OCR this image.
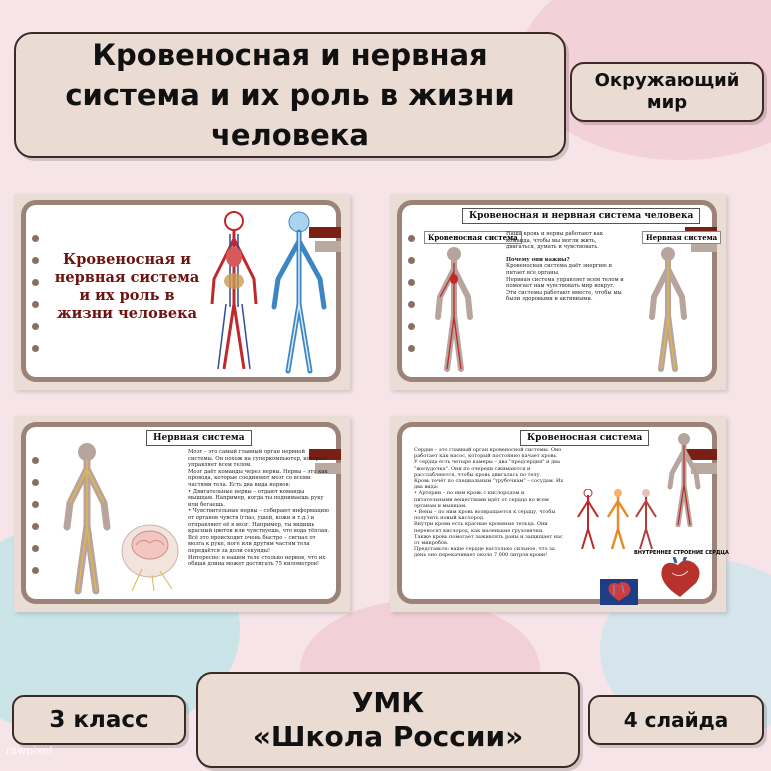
Кровеносная и нервная система и их роль в жизни человека
Окружающий мир
Кровеносная и нервная система и их роль в жизни человека
Кровеносная и нервная система человека
Кровеносная система	Нервная система
Наша кровь и нервы работают как команда, чтобы мы могли жить, двигаться, думать и чувствовать.
Почему они важны?
Кровеносная система даёт энергию и питает все органы.
Нервная система управляет всем телом и помогает нам чувствовать мир вокруг.
Эти системы работают вместе, чтобы мы были здоровыми и активными.
Нервная система
Мозг – это самый главный орган нервной системы. Он похож на суперкомпьютер, который управляет всем телом.
Мозг даёт команды через нервы. Нервы – это как провода, которые соединяют мозг со всеми частями тела. Есть два вида нервов:
• Двигательные нервы – отдают команды мышцам. Например, когда ты поднимаешь руку или бегаешь.
• Чувствительные нервы – собирают информацию от органов чувств (глаз, ушей, кожи и т.д.) и отправляют её в мозг. Например, ты видишь красный цветок или чувствуешь, что вода тёплая.
Всё это происходит очень быстро – сигнал от мозга к руке, ноге или другим частям тела передаётся за доли секунды!
Интересно: в нашем теле столько нервов, что их общая длина может достигать 75 километров!
Кровеносная система
Сердце – это главный орган кровеносной системы. Оно работает как насос, который постоянно качает кровь.
У сердца есть четыре камеры – два "предсердия" и два "желудочка". Они по очереди сжимаются и расслабляются, чтобы кровь двигалась по телу.
Кровь течёт по специальным "трубочкам" – сосудам. Их два вида:
• Артерии – по ним кровь с кислородом и питательными веществами идёт от сердца ко всем органам и мышцам.
• Вены – по ним кровь возвращается к сердцу, чтобы получить новый кислород.
Внутри крови есть красные кровяные тельца. Они переносят кислород, как маленькие грузовички.
Также кровь помогает заживлять раны и защищает нас от микробов.
Представьте: ваше сердце настолько сильное, что за день оно перекачивает около 7 000 литров крови!	ВНУТРЕННЕЕ СТРОЕНИЕ СЕРДЦА
3 класс
УМК
«Школа России»	4 слайда
rawpixel
